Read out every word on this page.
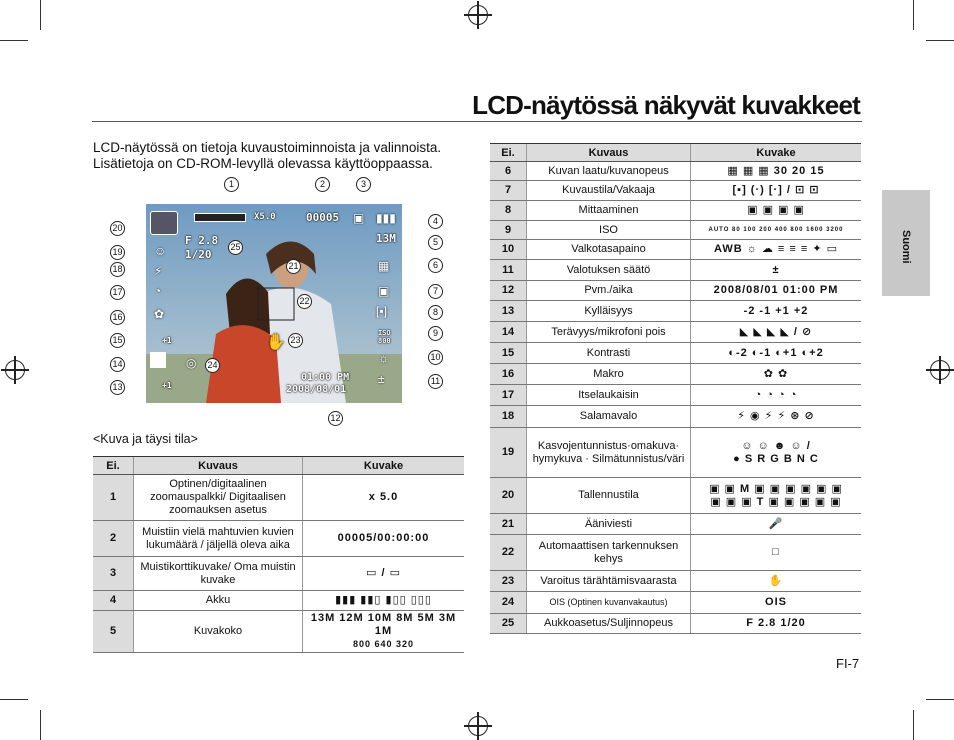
LCD-näytössä näkyvät kuvakkeet

LCD-näytössä on tietoja kuvaustoiminnoista ja valinnoista.

Lisätietoja on CD-ROM-levyllä olevassa käyttöoppaassa.

X5.0	00005 ▣ ▮▮▮
13M
F 2.8
1/20
ISO 800
01:00 PM
2008/08/01
+1
+1
☺
⚡
◔
✿
◎
✋
▣
☼
±
▦
[▪]
1	2	3
4
5
6
7
8
9
10
11
12
13
14
15
16
17
18
19
20
21
22
23
24
25
<Kuva ja täysi tila>
Ei.	Kuvaus	Kuvake
1	Optinen/digitaalinen zoomauspalkki/ Digitaalisen zoomauksen asetus	x 5.0
2	Muistiin vielä mahtuvien kuvien lukumäärä / jäljellä oleva aika	00005/00:00:00
3	Muistikorttikuvake/ Oma muistin kuvake	▭ / ▭
4	Akku	▮▮▮ ▮▮▯ ▮▯▯ ▯▯▯
5	Kuvakoko	13M 12M 10M 8M 5M 3M 1M
800 640 320
Ei.	Kuvaus	Kuvake
6	Kuvan laatu/kuvanopeus	▦ ▦ ▦ 30 20 15
7	Kuvaustila/Vakaaja	[▪] (·) [·] / ⊡ ⊡
8	Mittaaminen	▣ ▣ ▣ ▣
9	ISO	AUTO 80 100 200 400 800 1600 3200
10	Valkotasapaino	AWB ☼ ☁ ≡ ≡ ≡ ✦ ▭
11	Valotuksen säätö	±
12	Pvm./aika	2008/08/01 01:00 PM
13	Kylläisyys	-2 -1 +1 +2
14	Terävyys/mikrofoni pois	◣ ◣ ◣ ◣ / ⊘
15	Kontrasti	◐-2 ◐-1 ◐+1 ◐+2
16	Makro	✿ ✿
17	Itselaukaisin	◔ ◔ ◔ ◔
18	Salamavalo	⚡ ◉ ⚡ ⚡ ⊛ ⊘
19	Kasvojentunnistus·omakuva· hymykuva · Silmätunnistus/väri	☺ ☺ ☻ ☺ /
● S R G B N C

20	Tallennustila	▣ ▣ M ▣ ▣ ▣ ▣ ▣ ▣
▣ ▣ ▣ T ▣ ▣ ▣ ▣ ▣

21	Ääniviesti	🎤
22	Automaattisen tarkennuksen kehys	□
23	Varoitus tärähtämisvaarasta	✋
24	OIS (Optinen kuvanvakautus)	OIS
25	Aukkoasetus/Suljinnopeus	F 2.8 1/20
Suomi
FI-7
